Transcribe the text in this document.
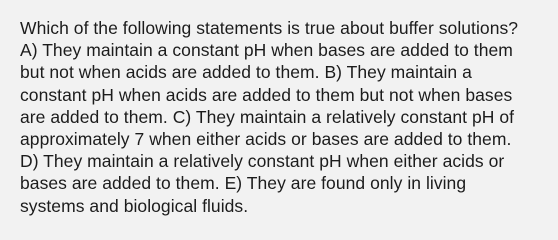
Which of the following statements is true about buffer solutions?
A) They maintain a constant pH when bases are added to them
but not when acids are added to them. B) They maintain a
constant pH when acids are added to them but not when bases
are added to them. C) They maintain a relatively constant pH of
approximately 7 when either acids or bases are added to them.
D) They maintain a relatively constant pH when either acids or
bases are added to them. E) They are found only in living
systems and biological fluids.
